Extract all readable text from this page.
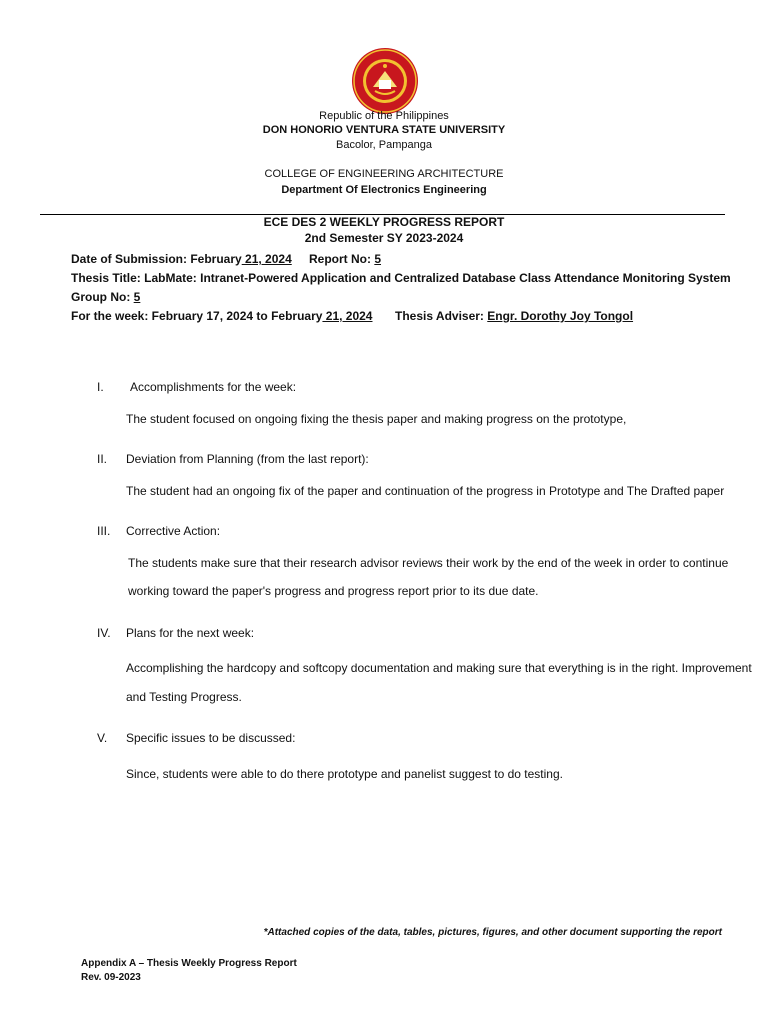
Republic of the Philippines
DON HONORIO VENTURA STATE UNIVERSITY
Bacolor, Pampanga
COLLEGE OF ENGINEERING ARCHITECTURE
Department Of Electronics Engineering
ECE DES 2 WEEKLY PROGRESS REPORT
2nd Semester SY 2023-2024
Date of Submission: February 21, 2024 Report No: 5
Thesis Title: LabMate: Intranet-Powered Application and Centralized Database Class Attendance Monitoring System
Group No: 5
For the week: February 17, 2024 to February 21, 2024 Thesis Adviser: Engr. Dorothy Joy Tongol
I. Accomplishments for the week:
The student focused on ongoing fixing the thesis paper and making progress on the prototype,
II. Deviation from Planning (from the last report):
The student had an ongoing fix of the paper and continuation of the progress in Prototype and The Drafted paper
III. Corrective Action:
The students make sure that their research advisor reviews their work by the end of the week in order to continue
working toward the paper's progress and progress report prior to its due date.
IV. Plans for the next week:
Accomplishing the hardcopy and softcopy documentation and making sure that everything is in the right. Improvement
and Testing Progress.
V. Specific issues to be discussed:
Since, students were able to do there prototype and panelist suggest to do testing.
*Attached copies of the data, tables, pictures, figures, and other document supporting the report
Appendix A – Thesis Weekly Progress Report
Rev. 09-2023
